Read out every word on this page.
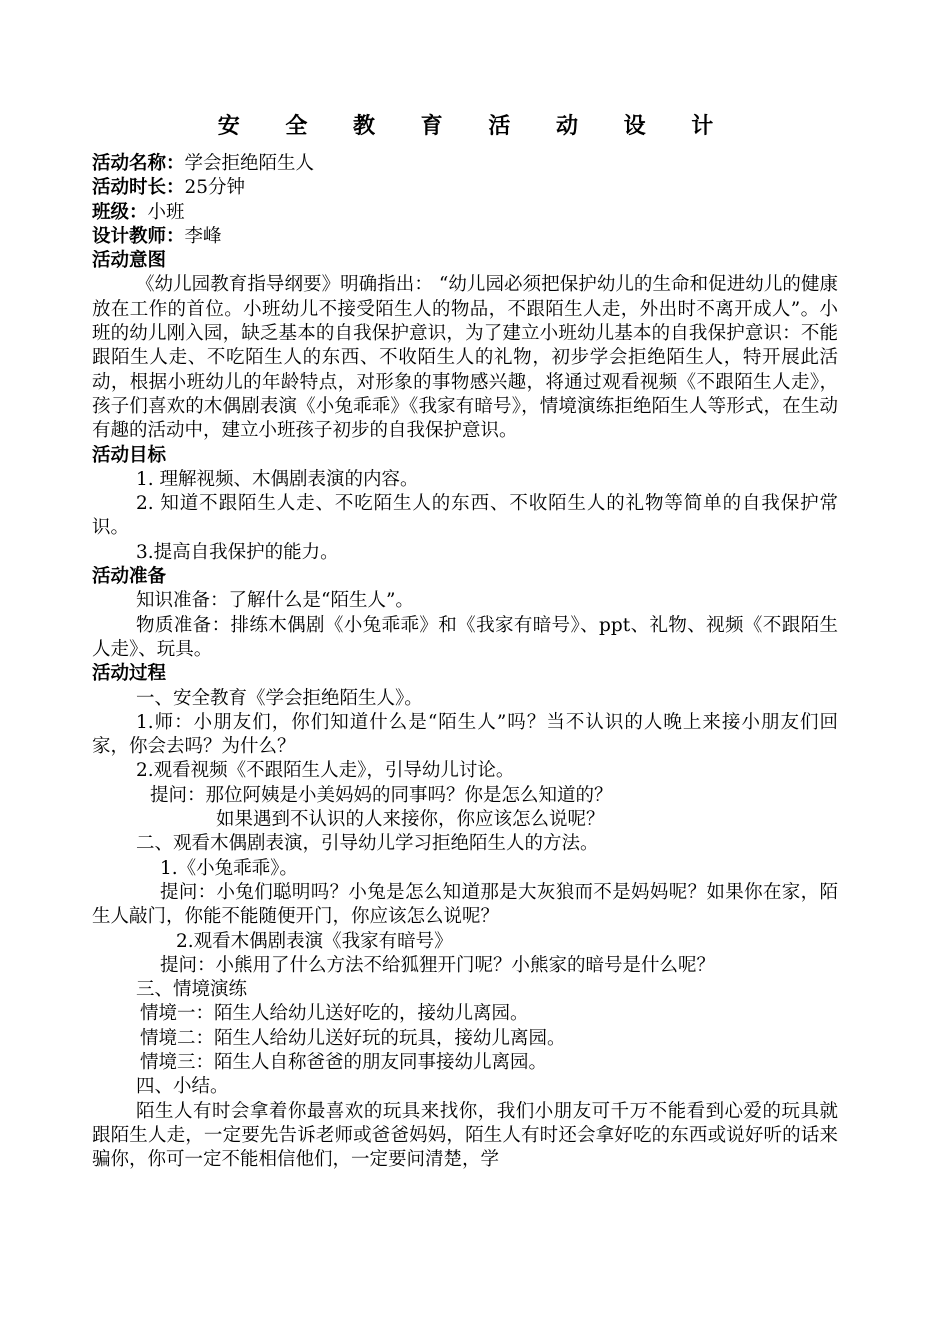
安 全 教 育 活 动 设 计
活动名称：学会拒绝陌生人
活动时长：25分钟
班级：小班
设计教师：李峰
活动意图
《幼儿园教育指导纲要》明确指出： “幼儿园必须把保护幼儿的生命和促进幼儿的健康放在工作的首位。小班幼儿不接受陌生人的物品，不跟陌生人走，外出时不离开成人”。小班的幼儿刚入园，缺乏基本的自我保护意识，为了建立小班幼儿基本的自我保护意识：不能跟陌生人走、不吃陌生人的东西、不收陌生人的礼物，初步学会拒绝陌生人，特开展此活动，根据小班幼儿的年龄特点，对形象的事物感兴趣，将通过观看视频《不跟陌生人走》，孩子们喜欢的木偶剧表演《小兔乖乖》《我家有暗号》，情境演练拒绝陌生人等形式，在生动有趣的活动中，建立小班孩子初步的自我保护意识。
活动目标
1. 理解视频、木偶剧表演的内容。
2. 知道不跟陌生人走、不吃陌生人的东西、不收陌生人的礼物等简单的自我保护常识。
3.提高自我保护的能力。
活动准备
知识准备：了解什么是“陌生人”。
物质准备：排练木偶剧《小兔乖乖》和《我家有暗号》、ppt、礼物、视频《不跟陌生人走》、玩具。
活动过程
一、安全教育《学会拒绝陌生人》。
1.师：小朋友们，你们知道什么是“陌生人”吗？当不认识的人晚上来接小朋友们回家，你会去吗？为什么？
2.观看视频《不跟陌生人走》，引导幼儿讨论。
提问：那位阿姨是小美妈妈的同事吗？你是怎么知道的？
如果遇到不认识的人来接你，你应该怎么说呢？
二、观看木偶剧表演，引导幼儿学习拒绝陌生人的方法。
1.《小兔乖乖》。
提问：小兔们聪明吗？小兔是怎么知道那是大灰狼而不是妈妈呢？如果你在家，陌生人敲门，你能不能随便开门，你应该怎么说呢？
2.观看木偶剧表演《我家有暗号》
提问：小熊用了什么方法不给狐狸开门呢？小熊家的暗号是什么呢？
三、情境演练
情境一：陌生人给幼儿送好吃的，接幼儿离园。
情境二：陌生人给幼儿送好玩的玩具，接幼儿离园。
情境三：陌生人自称爸爸的朋友同事接幼儿离园。
四、小结。
陌生人有时会拿着你最喜欢的玩具来找你，我们小朋友可千万不能看到心爱的玩具就跟陌生人走，一定要先告诉老师或爸爸妈妈，陌生人有时还会拿好吃的东西或说好听的话来骗你，你可一定不能相信他们，一定要问清楚，学
